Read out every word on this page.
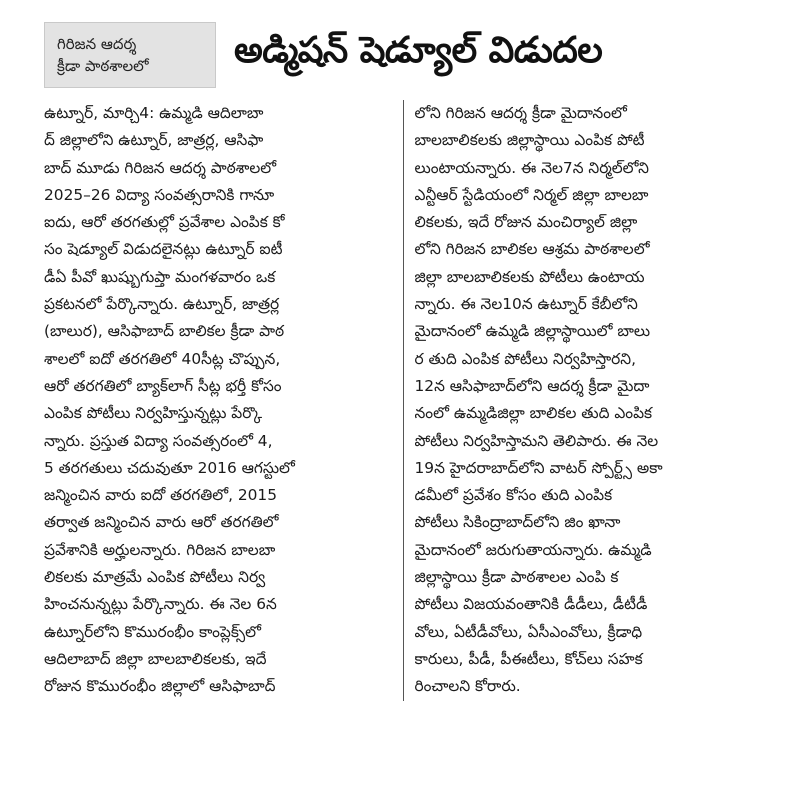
గిరిజన ఆదర్శ
క్రీడా పాఠశాలలో	అడ్మిషన్ షెడ్యూల్ విడుదల
ఉట్నూర్, మార్చి4: ఉమ్మడి ఆదిలాబా
ద్ జిల్లాలోని ఉట్నూర్, జాత్రర్ల, ఆసిఫా
బాద్ మూడు గిరిజన ఆదర్శ పాఠశాలలో
2025–26 విద్యా సంవత్సరానికి గానూ
ఐదు, ఆరో తరగతుల్లో ప్రవేశాల ఎంపిక కో
సం షెడ్యూల్ విడుదలైనట్లు ఉట్నూర్ ఐటీ
డీఏ పీవో ఖుష్బుగుప్తా మంగళవారం ఒక
ప్రకటనలో పేర్కొన్నారు. ఉట్నూర్, జాత్రర్ల
(బాలుర), ఆసిఫాబాద్ బాలికల క్రీడా పాఠ
శాలలో ఐదో తరగతిలో 40సీట్ల చొప్పున,
ఆరో తరగతిలో బ్యాక్‌లాగ్ సీట్ల భర్తీ కోసం
ఎంపిక పోటీలు నిర్వహిస్తున్నట్లు పేర్కొ
న్నారు. ప్రస్తుత విద్యా సంవత్సరంలో 4,
5 తరగతులు చదువుతూ 2016 ఆగస్టులో
జన్మించిన వారు ఐదో తరగతిలో, 2015
తర్వాత జన్మించిన వారు ఆరో తరగతిలో
ప్రవేశానికి అర్హులన్నారు. గిరిజన బాలబా
లికలకు మాత్రమే ఎంపిక పోటీలు నిర్వ
హించనున్నట్లు పేర్కొన్నారు. ఈ నెల 6న
ఉట్నూర్‌లోని కొమురంభీం కాంప్లెక్స్‌లో
ఆదిలాబాద్ జిల్లా బాలబాలికలకు, ఇదే
రోజున కొమురంభీం జిల్లాలో ఆసిఫాబాద్
లోని గిరిజన ఆదర్శ క్రీడా మైదానంలో
బాలబాలికలకు జిల్లాస్థాయి ఎంపిక పోటీ
లుంటాయన్నారు. ఈ నెల7న నిర్మల్‌లోని
ఎన్టీఆర్ స్టేడియంలో నిర్మల్ జిల్లా బాలబా
లికలకు, ఇదే రోజున మంచిర్యాల్ జిల్లా
లోని గిరిజన బాలికల ఆశ్రమ పాఠశాలలో
జిల్లా బాలబాలికలకు పోటీలు ఉంటాయ
న్నారు. ఈ నెల10న ఉట్నూర్ కేబీలోని
మైదానంలో ఉమ్మడి జిల్లాస్థాయిలో బాలు
ర తుది ఎంపిక పోటీలు నిర్వహిస్తారని,
12న ఆసిఫాబాద్‌లోని ఆదర్శ క్రీడా మైదా
నంలో ఉమ్మడిజిల్లా బాలికల తుది ఎంపిక
పోటీలు నిర్వహిస్తామని తెలిపారు. ఈ నెల
19న హైదరాబాద్‌లోని వాటర్ స్పోర్ట్స్ అకా
డమీలో ప్రవేశం కోసం తుది ఎంపిక
పోటీలు సికింద్రాబాద్‌లోని జిం ఖానా
మైదానంలో జరుగుతాయన్నారు. ఉమ్మడి
జిల్లాస్థాయి క్రీడా పాఠశాలల ఎంపి క
పోటీలు విజయవంతానికి డీడీలు, డీటీడీ
వోలు, ఏటీడీవోలు, ఏసీఎంవోలు, క్రీడాధి
కారులు, పీడీ, పీఈటీలు, కోచ్‌లు సహక
రించాలని కోరారు.
